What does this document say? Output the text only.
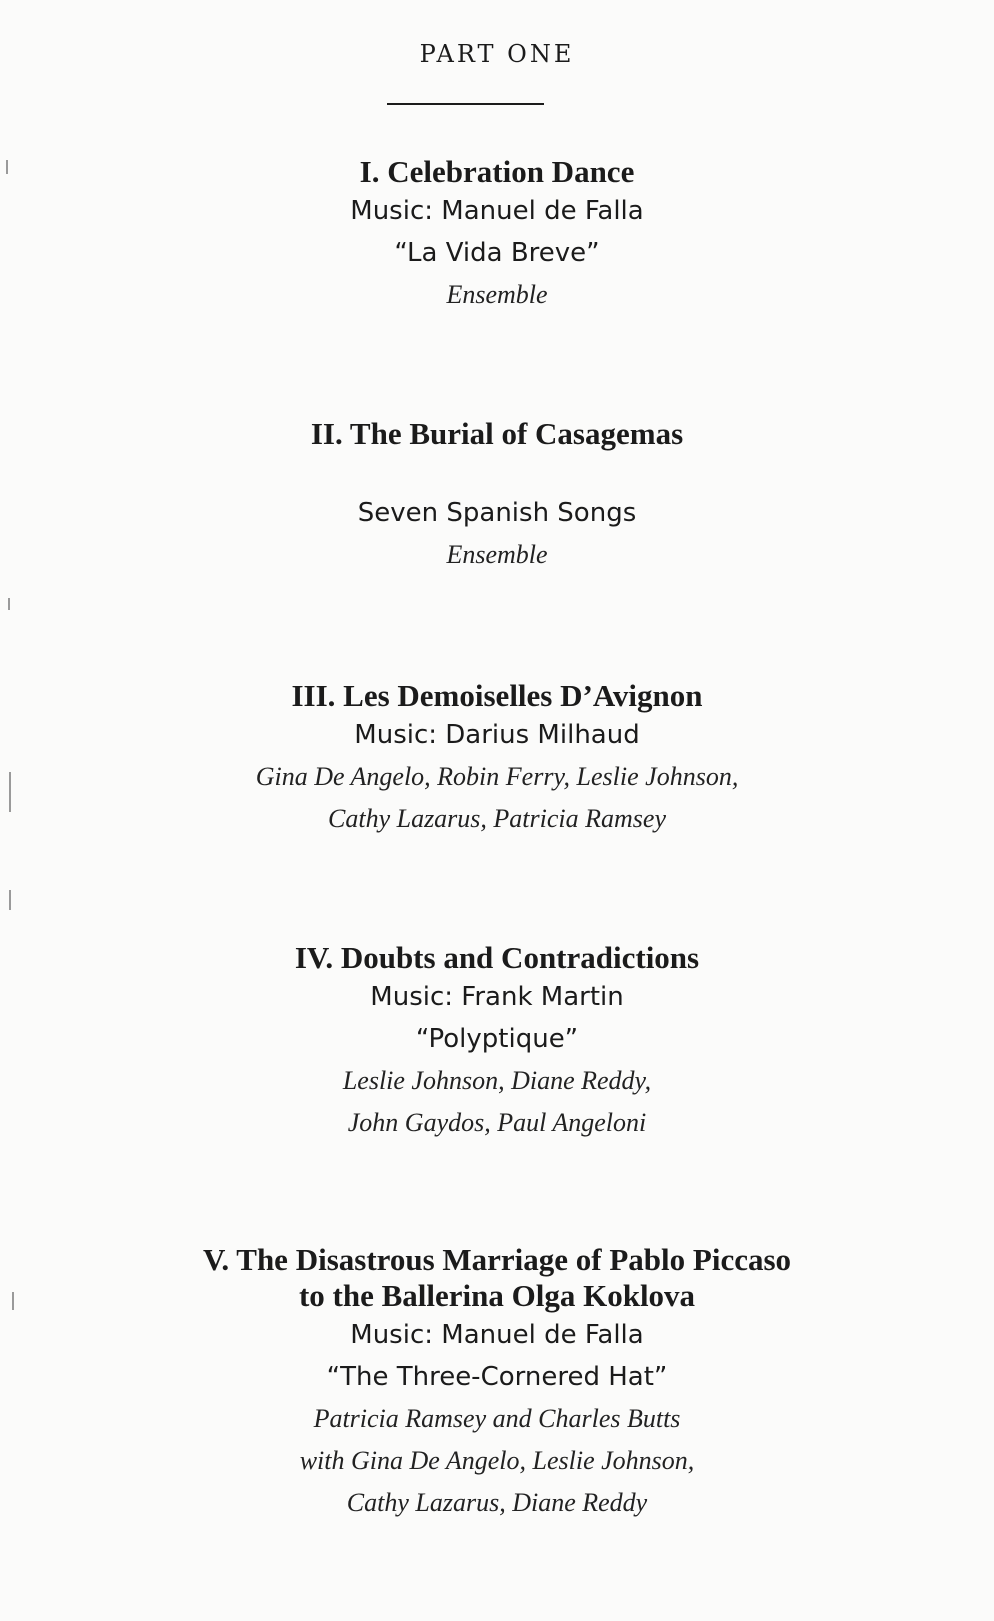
PART ONE
I. Celebration Dance
Music: Manuel de Falla
“La Vida Breve”
Ensemble
II. The Burial of Casagemas
Seven Spanish Songs
Ensemble
III. Les Demoiselles D’Avignon
Music: Darius Milhaud
Gina De Angelo, Robin Ferry, Leslie Johnson,
Cathy Lazarus, Patricia Ramsey
IV. Doubts and Contradictions
Music: Frank Martin
“Polyptique”
Leslie Johnson, Diane Reddy,
John Gaydos, Paul Angeloni
V. The Disastrous Marriage of Pablo Piccaso
to the Ballerina Olga Koklova
Music: Manuel de Falla
“The Three-Cornered Hat”
Patricia Ramsey and Charles Butts
with Gina De Angelo, Leslie Johnson,
Cathy Lazarus, Diane Reddy
